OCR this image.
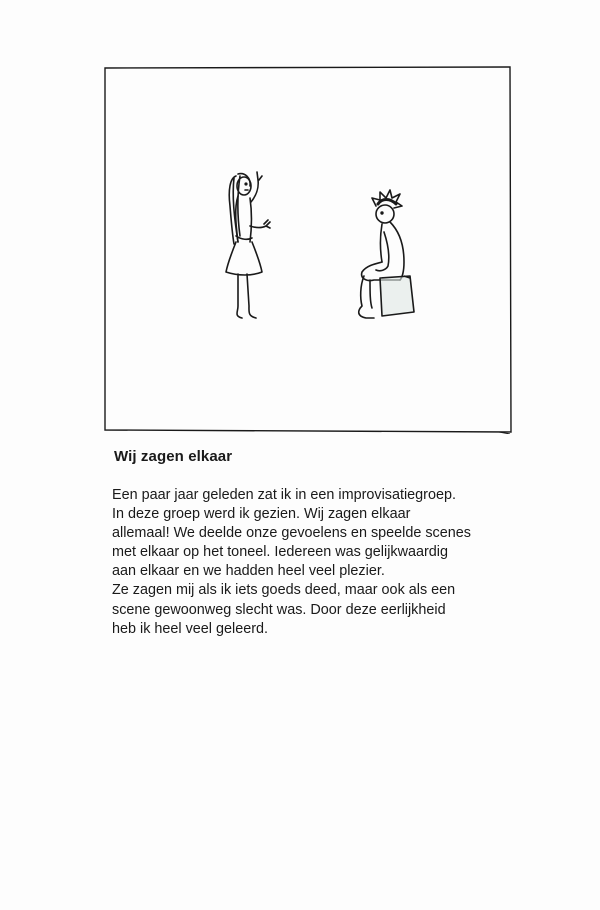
Wij zagen elkaar
Een paar jaar geleden zat ik in een improvisatiegroep.
In deze groep werd ik gezien. Wij zagen elkaar
allemaal! We deelde onze gevoelens en speelde scenes
met elkaar op het toneel. Iedereen was gelijkwaardig
aan elkaar en we hadden heel veel plezier.
Ze zagen mij als ik iets goeds deed, maar ook als een
scene gewoonweg slecht was. Door deze eerlijkheid
heb ik heel veel geleerd.
